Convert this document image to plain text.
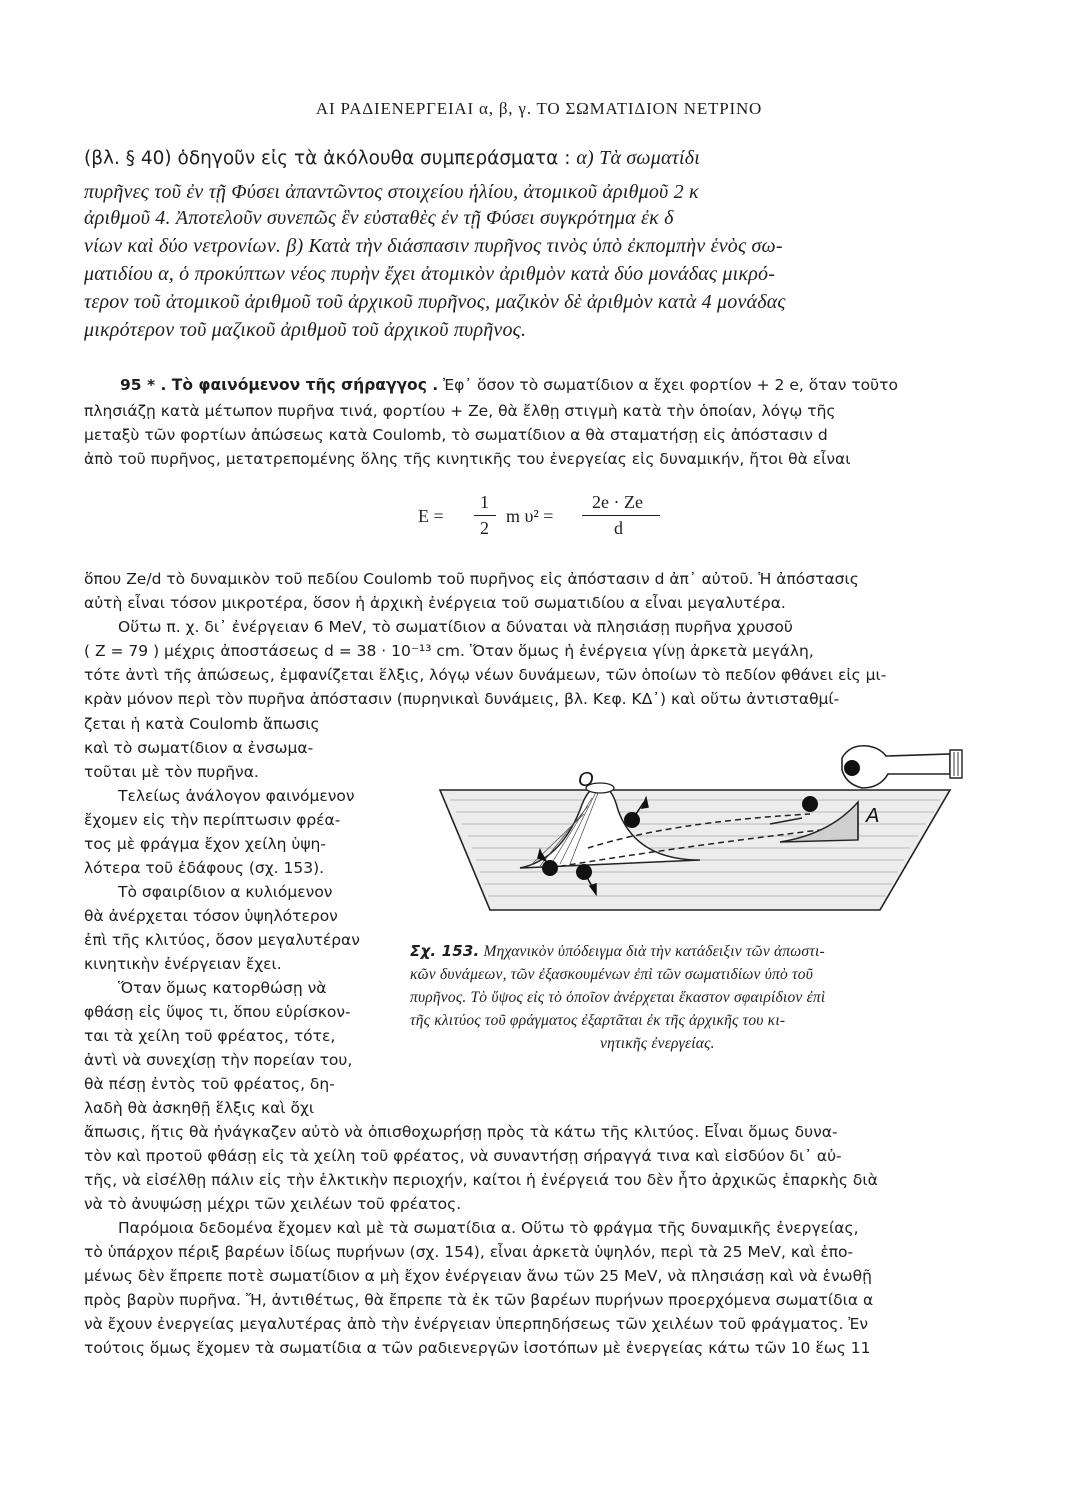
ΑΙ ΡΑΔΙΕΝΕΡΓΕΙΑΙ α, β, γ. ΤΟ ΣΩΜΑΤΙΔΙΟΝ ΝΕΤΡΙΝΟ
(βλ. § 40) ὁδηγοῦν εἰς τὰ ἀκόλουθα συμπεράσματα : α) Τὰ σωματίδι
πυρῆνες τοῦ ἐν τῇ Φύσει ἀπαντῶντος στοιχείου ἡλίου, ἀτομικοῦ ἀριθμοῦ 2 κ
ἀριθμοῦ 4. Ἀποτελοῦν συνεπῶς ἓν εὐσταθὲς ἐν τῇ Φύσει συγκρότημα ἐκ δ
νίων καὶ δύο νετρονίων. β) Κατὰ τὴν διάσπασιν πυρῆνος τινὸς ὑπὸ ἐκπομπὴν ἑνὸς σω-
ματιδίου α, ὁ προκύπτων νέος πυρὴν ἔχει ἀτομικὸν ἀριθμὸν κατὰ δύο μονάδας μικρό-
τερον τοῦ ἀτομικοῦ ἀριθμοῦ τοῦ ἀρχικοῦ πυρῆνος, μαζικὸν δὲ ἀριθμὸν κατὰ 4 μονάδας
μικρότερον τοῦ μαζικοῦ ἀριθμοῦ τοῦ ἀρχικοῦ πυρῆνος.
95 * . Τὸ φαινόμενον τῆς σήραγγος . Ἐφ᾽ ὅσον τὸ σωματίδιον α ἔχει φορτίον + 2 e, ὅταν τοῦτο
πλησιάζῃ κατὰ μέτωπον πυρῆνα τινά, φορτίου + Ze, θὰ ἔλθῃ στιγμὴ κατὰ τὴν ὁποίαν, λόγῳ τῆς
μεταξὺ τῶν φορτίων ἀπώσεως κατὰ Coulomb, τὸ σωματίδιον α θὰ σταματήσῃ εἰς ἀπόστασιν d
ἀπὸ τοῦ πυρῆνος, μετατρεπομένης ὅλης τῆς κινητικῆς του ἐνεργείας εἰς δυναμικήν, ἤτοι θὰ εἶναι
E =
1
2
m υ² =
2e · Ze
d
ὅπου Ze/d τὸ δυναμικὸν τοῦ πεδίου Coulomb τοῦ πυρῆνος εἰς ἀπόστασιν d ἀπ᾽ αὐτοῦ. Ἡ ἀπόστασις
αὐτὴ εἶναι τόσον μικροτέρα, ὅσον ἡ ἀρχικὴ ἐνέργεια τοῦ σωματιδίου α εἶναι μεγαλυτέρα.
Οὕτω π. χ. δι᾽ ἐνέργειαν 6 MeV, τὸ σωματίδιον α δύναται νὰ πλησιάσῃ πυρῆνα χρυσοῦ
( Z = 79 ) μέχρις ἀποστάσεως d = 38 · 10⁻¹³ cm. Ὅταν ὅμως ἡ ἐνέργεια γίνῃ ἀρκετὰ μεγάλη,
τότε ἀντὶ τῆς ἀπώσεως, ἐμφανίζεται ἕλξις, λόγῳ νέων δυνάμεων, τῶν ὁποίων τὸ πεδίον φθάνει εἰς μι-
κρὰν μόνον περὶ τὸν πυρῆνα ἀπόστασιν (πυρηνικαὶ δυνάμεις, βλ. Κεφ. ΚΔ᾽) καὶ οὕτω ἀντισταθμί-
ζεται ἡ κατὰ Coulomb ἄπωσις
καὶ τὸ σωματίδιον α ἐνσωμα-
τοῦται μὲ τὸν πυρῆνα.
Τελείως ἀνάλογον φαινόμενον
ἔχομεν εἰς τὴν περίπτωσιν φρέα-
τος μὲ φράγμα ἔχον χείλη ὑψη-
λότερα τοῦ ἐδάφους (σχ. 153).
Τὸ σφαιρίδιον α κυλιόμενον
θὰ ἀνέρχεται τόσον ὑψηλότερον
ἐπὶ τῆς κλιτύος, ὅσον μεγαλυτέραν
κινητικὴν ἐνέργειαν ἔχει.
Ὅταν ὅμως κατορθώσῃ νὰ
φθάσῃ εἰς ὕψος τι, ὅπου εὑρίσκον-
ται τὰ χείλη τοῦ φρέατος, τότε,
ἀντὶ νὰ συνεχίσῃ τὴν πορείαν του,
θὰ πέσῃ ἐντὸς τοῦ φρέατος, δη-
λαδὴ θὰ ἀσκηθῇ ἕλξις καὶ ὄχι
O
A
Σχ. 153. Μηχανικὸν ὑπόδειγμα διὰ τὴν κατάδειξιν τῶν ἀπωστι-
κῶν δυνάμεων, τῶν ἐξασκουμένων ἐπὶ τῶν σωματιδίων ὑπὸ τοῦ
πυρῆνος. Τὸ ὕψος εἰς τὸ ὁποῖον ἀνέρχεται ἕκαστον σφαιρίδιον ἐπὶ
τῆς κλιτύος τοῦ φράγματος ἐξαρτᾶται ἐκ τῆς ἀρχικῆς του κι-
νητικῆς ἐνεργείας.
ἄπωσις, ἥτις θὰ ἠνάγκαζεν αὐτὸ νὰ ὀπισθοχωρήσῃ πρὸς τὰ κάτω τῆς κλιτύος. Εἶναι ὅμως δυνα-
τὸν καὶ προτοῦ φθάσῃ εἰς τὰ χείλη τοῦ φρέατος, νὰ συναντήσῃ σήραγγά τινα καὶ εἰσδύον δι᾽ αὐ-
τῆς, νὰ εἰσέλθῃ πάλιν εἰς τὴν ἑλκτικὴν περιοχήν, καίτοι ἡ ἐνέργειά του δὲν ἦτο ἀρχικῶς ἐπαρκὴς διὰ
νὰ τὸ ἀνυψώσῃ μέχρι τῶν χειλέων τοῦ φρέατος.
Παρόμοια δεδομένα ἔχομεν καὶ μὲ τὰ σωματίδια α. Οὕτω τὸ φράγμα τῆς δυναμικῆς ἐνεργείας,
τὸ ὑπάρχον πέριξ βαρέων ἰδίως πυρήνων (σχ. 154), εἶναι ἀρκετὰ ὑψηλόν, περὶ τὰ 25 MeV, καὶ ἑπο-
μένως δὲν ἔπρεπε ποτὲ σωματίδιον α μὴ ἔχον ἐνέργειαν ἄνω τῶν 25 MeV, νὰ πλησιάσῃ καὶ νὰ ἑνωθῇ
πρὸς βαρὺν πυρῆνα. Ἤ, ἀντιθέτως, θὰ ἔπρεπε τὰ ἐκ τῶν βαρέων πυρήνων προερχόμενα σωματίδια α
νὰ ἔχουν ἐνεργείας μεγαλυτέρας ἀπὸ τὴν ἐνέργειαν ὑπερπηδήσεως τῶν χειλέων τοῦ φράγματος. Ἐν
τούτοις ὅμως ἔχομεν τὰ σωματίδια α τῶν ραδιενεργῶν ἰσοτόπων μὲ ἐνεργείας κάτω τῶν 10 ἕως 11
